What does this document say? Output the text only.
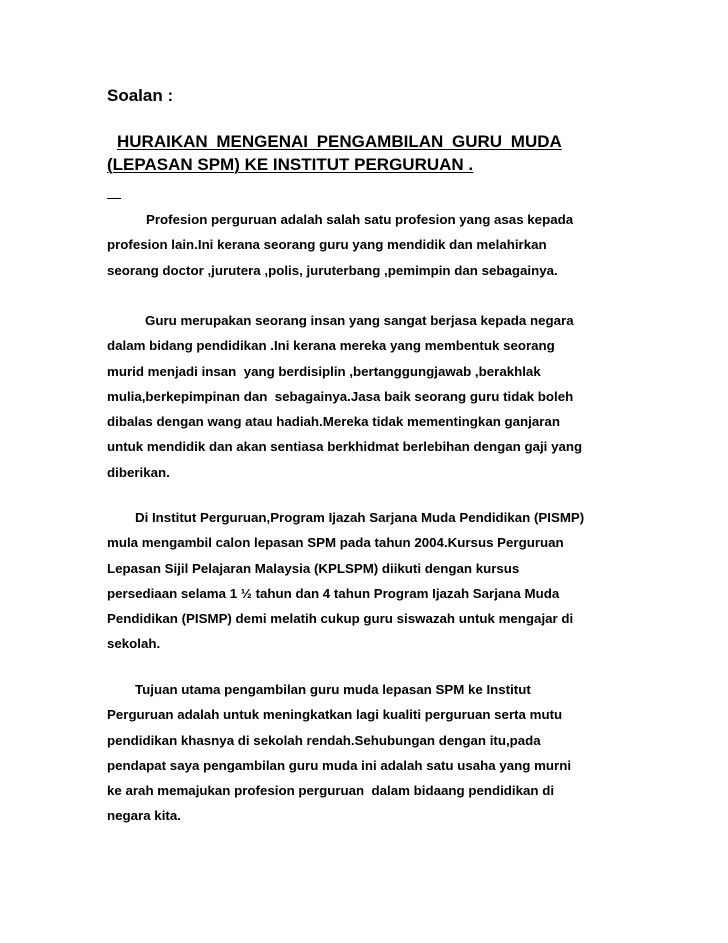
Soalan :

HURAIKAN MENGENAI PENGAMBILAN GURU MUDA
(LEPASAN SPM) KE INSTITUT PERGURUAN .

Profesion perguruan adalah salah satu profesion yang asas kepada
profesion lain.Ini kerana seorang guru yang mendidik dan melahirkan
seorang doctor ,jurutera ,polis, juruterbang ,pemimpin dan sebagainya.

Guru merupakan seorang insan yang sangat berjasa kepada negara
dalam bidang pendidikan .Ini kerana mereka yang membentuk seorang
murid menjadi insan  yang berdisiplin ,bertanggungjawab ,berakhlak
mulia,berkepimpinan dan  sebagainya.Jasa baik seorang guru tidak boleh
dibalas dengan wang atau hadiah.Mereka tidak mementingkan ganjaran
untuk mendidik dan akan sentiasa berkhidmat berlebihan dengan gaji yang
diberikan.

Di Institut Perguruan,Program Ijazah Sarjana Muda Pendidikan (PISMP)
mula mengambil calon lepasan SPM pada tahun 2004.Kursus Perguruan
Lepasan Sijil Pelajaran Malaysia (KPLSPM) diikuti dengan kursus
persediaan selama 1 ½ tahun dan 4 tahun Program Ijazah Sarjana Muda
Pendidikan (PISMP) demi melatih cukup guru siswazah untuk mengajar di
sekolah.

Tujuan utama pengambilan guru muda lepasan SPM ke Institut
Perguruan adalah untuk meningkatkan lagi kualiti perguruan serta mutu
pendidikan khasnya di sekolah rendah.Sehubungan dengan itu,pada
pendapat saya pengambilan guru muda ini adalah satu usaha yang murni
ke arah memajukan profesion perguruan  dalam bidaang pendidikan di
negara kita.
